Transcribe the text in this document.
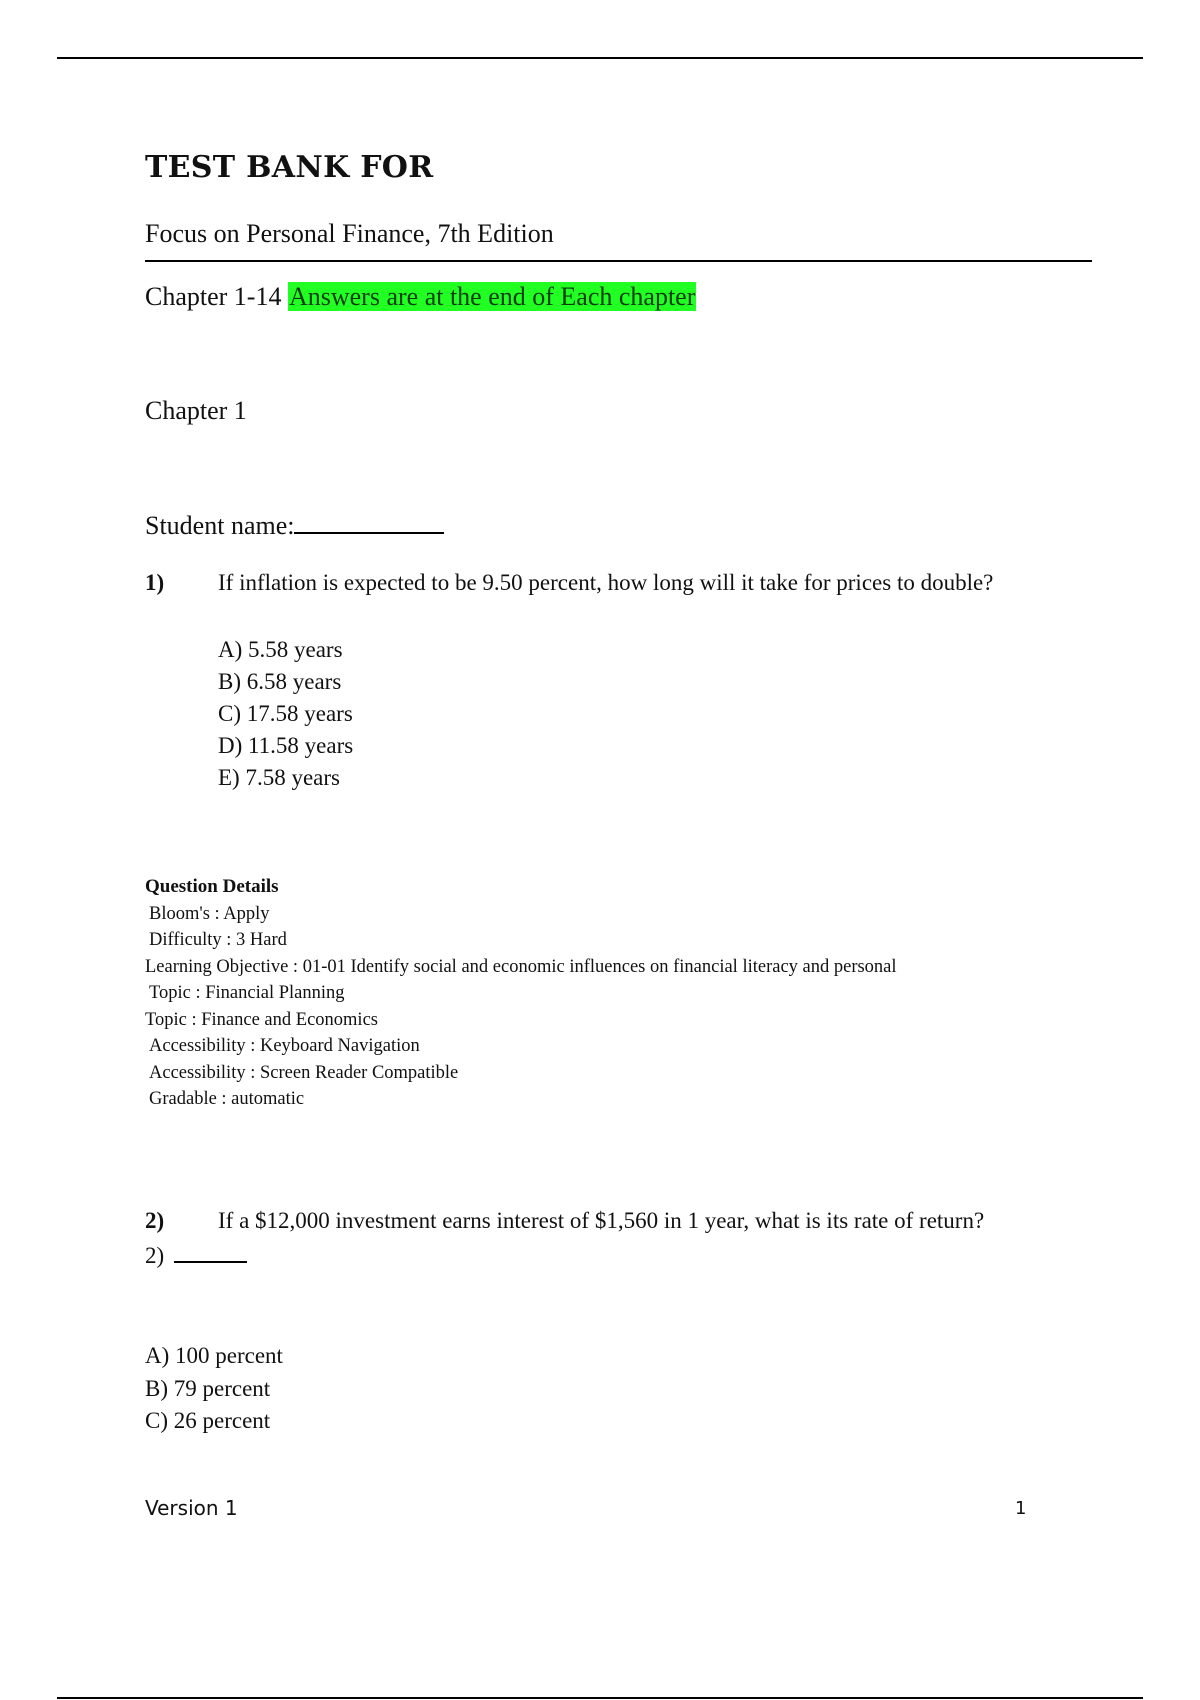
TEST BANK FOR
Focus on Personal Finance, 7th Edition
Chapter 1-14 Answers are at the end of Each chapter
Chapter 1
Student name:
1) If inflation is expected to be 9.50 percent, how long will it take for prices to double?
A) 5.58 years
B) 6.58 years
C) 17.58 years
D) 11.58 years
E) 7.58 years
Question Details
Bloom's : Apply
Difficulty : 3 Hard
Learning Objective : 01-01 Identify social and economic influences on financial literacy and personal
Topic : Financial Planning
Topic : Finance and Economics
Accessibility : Keyboard Navigation
Accessibility : Screen Reader Compatible
Gradable : automatic
2) If a $12,000 investment earns interest of $1,560 in 1 year, what is its rate of return?
2)
A) 100 percent
B) 79 percent
C) 26 percent
Version 1	1
